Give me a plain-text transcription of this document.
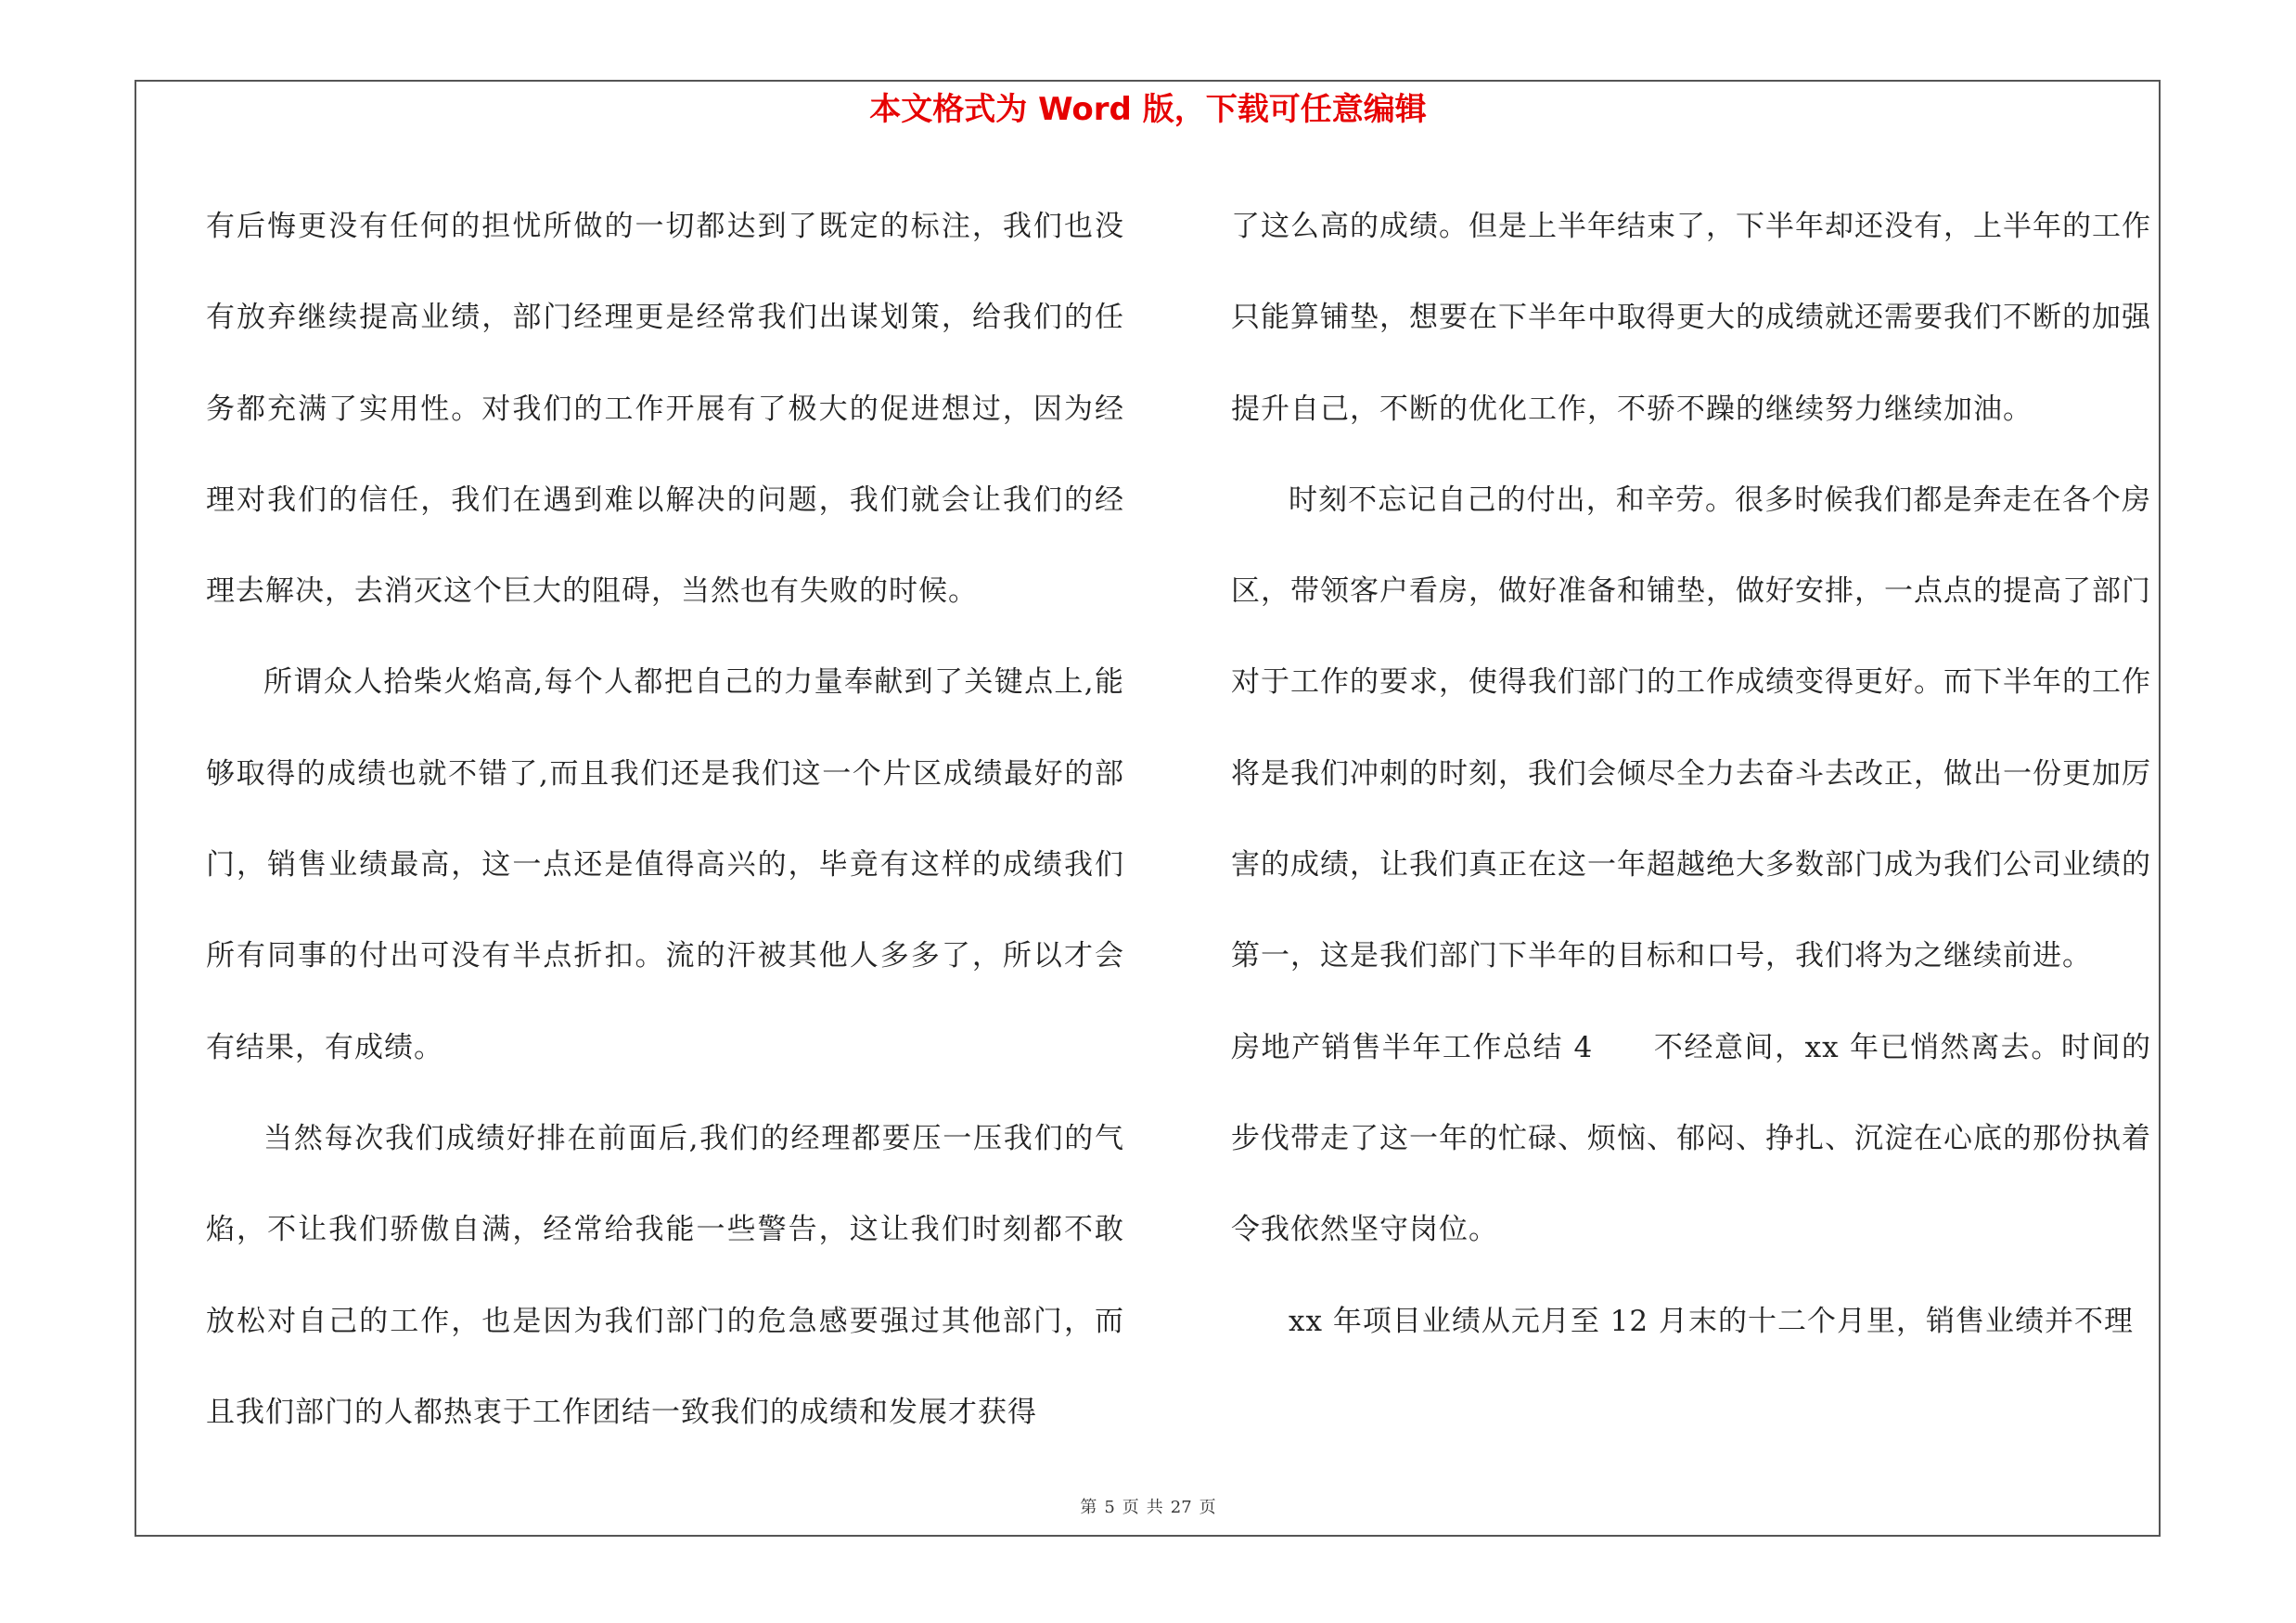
本文格式为 Word 版，下载可任意编辑

有后悔更没有任何的担忧所做的一切都达到了既定的标注，我们也没有放弃继续提高业绩，部门经理更是经常我们出谋划策，给我们的任务都充满了实用性。对我们的工作开展有了极大的促进想过，因为经理对我们的信任，我们在遇到难以解决的问题，我们就会让我们的经理去解决，去消灭这个巨大的阻碍，当然也有失败的时候。

所谓众人拾柴火焰高,每个人都把自己的力量奉献到了关键点上,能够取得的成绩也就不错了,而且我们还是我们这一个片区成绩最好的部门，销售业绩最高，这一点还是值得高兴的，毕竟有这样的成绩我们所有同事的付出可没有半点折扣。流的汗被其他人多多了，所以才会有结果，有成绩。

当然每次我们成绩好排在前面后,我们的经理都要压一压我们的气焰，不让我们骄傲自满，经常给我能一些警告，这让我们时刻都不敢放松对自己的工作，也是因为我们部门的危急感要强过其他部门，而且我们部门的人都热衷于工作团结一致我们的成绩和发展才获得

了这么高的成绩。但是上半年结束了，下半年却还没有，上半年的工作只能算铺垫，想要在下半年中取得更大的成绩就还需要我们不断的加强提升自己，不断的优化工作，不骄不躁的继续努力继续加油。

时刻不忘记自己的付出，和辛劳。很多时候我们都是奔走在各个房区，带领客户看房，做好准备和铺垫，做好安排，一点点的提高了部门对于工作的要求，使得我们部门的工作成绩变得更好。而下半年的工作将是我们冲刺的时刻，我们会倾尽全力去奋斗去改正，做出一份更加厉害的成绩，让我们真正在这一年超越绝大多数部门成为我们公司业绩的第一，这是我们部门下半年的目标和口号，我们将为之继续前进。

房地产销售半年工作总结 4　　不经意间，xx 年已悄然离去。时间的步伐带走了这一年的忙碌、烦恼、郁闷、挣扎、沉淀在心底的那份执着令我依然坚守岗位。

xx 年项目业绩从元月至 12 月末的十二个月里，销售业绩并不理

第 5 页 共 27 页
